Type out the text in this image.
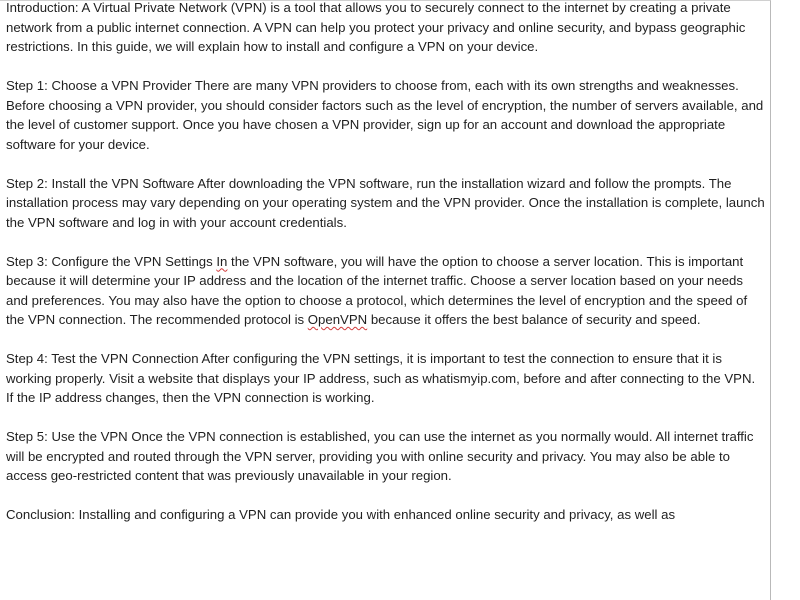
Introduction: A Virtual Private Network (VPN) is a tool that allows you to securely connect to the internet by creating a private network from a public internet connection. A VPN can help you protect your privacy and online security, and bypass geographic restrictions. In this guide, we will explain how to install and configure a VPN on your device.

Step 1: Choose a VPN Provider There are many VPN providers to choose from, each with its own strengths and weaknesses. Before choosing a VPN provider, you should consider factors such as the level of encryption, the number of servers available, and the level of customer support. Once you have chosen a VPN provider, sign up for an account and download the appropriate software for your device.

Step 2: Install the VPN Software After downloading the VPN software, run the installation wizard and follow the prompts. The installation process may vary depending on your operating system and the VPN provider. Once the installation is complete, launch the VPN software and log in with your account credentials.

Step 3: Configure the VPN Settings In the VPN software, you will have the option to choose a server location. This is important because it will determine your IP address and the location of the internet traffic. Choose a server location based on your needs and preferences. You may also have the option to choose a protocol, which determines the level of encryption and the speed of the VPN connection. The recommended protocol is OpenVPN because it offers the best balance of security and speed.

Step 4: Test the VPN Connection After configuring the VPN settings, it is important to test the connection to ensure that it is working properly. Visit a website that displays your IP address, such as whatismyip.com, before and after connecting to the VPN. If the IP address changes, then the VPN connection is working.

Step 5: Use the VPN Once the VPN connection is established, you can use the internet as you normally would. All internet traffic will be encrypted and routed through the VPN server, providing you with online security and privacy. You may also be able to access geo-restricted content that was previously unavailable in your region.

Conclusion: Installing and configuring a VPN can provide you with enhanced online security and privacy, as well as
